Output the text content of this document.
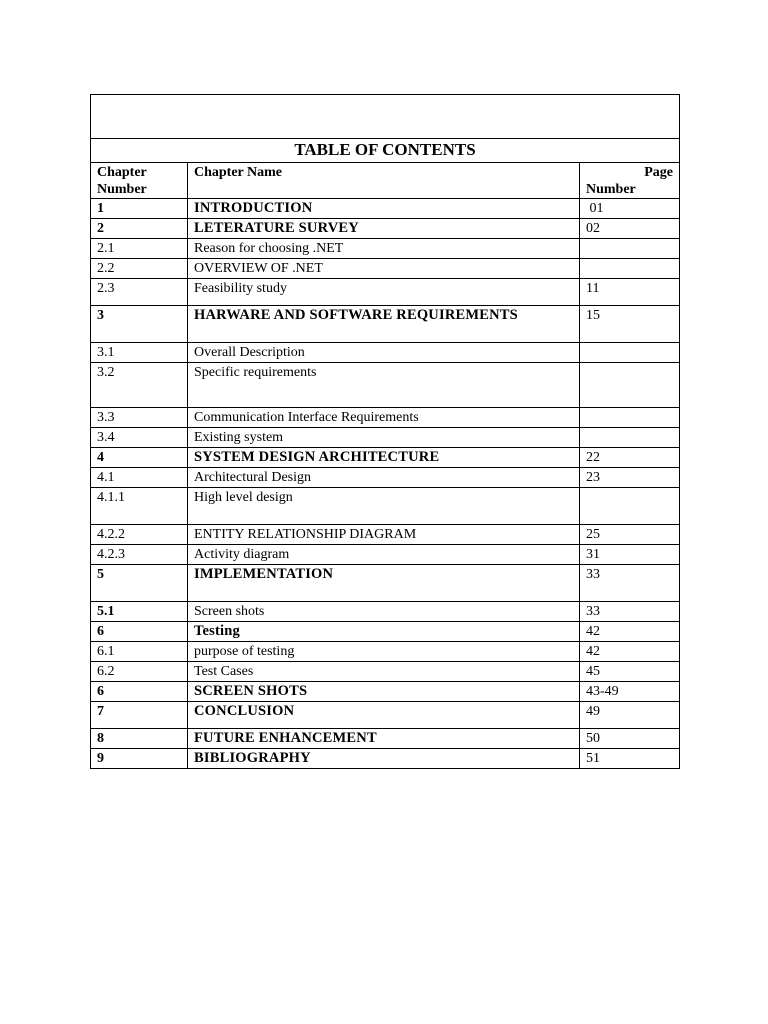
TABLE OF CONTENTS		
Chapter
Number	Chapter Name	Page
Number

1	INTRODUCTION	01
2	LETERATURE SURVEY	02
2.1	Reason for choosing .NET	
2.2	OVERVIEW OF .NET	
2.3	Feasibility study	11
3	HARWARE AND SOFTWARE REQUIREMENTS	15
3.1	Overall Description	
3.2	Specific requirements	
3.3	Communication Interface Requirements	
3.4	Existing system	
4	SYSTEM DESIGN ARCHITECTURE	22
4.1	Architectural Design	23
4.1.1	High level design	
4.2.2	ENTITY RELATIONSHIP DIAGRAM	25
4.2.3	Activity diagram	31
5	IMPLEMENTATION	33
5.1	Screen shots	33
6	Testing	42
6.1	purpose of testing	42
6.2	Test Cases	45
6	SCREEN SHOTS	43-49
7	CONCLUSION	49
8	FUTURE ENHANCEMENT	50
9	BIBLIOGRAPHY	51
